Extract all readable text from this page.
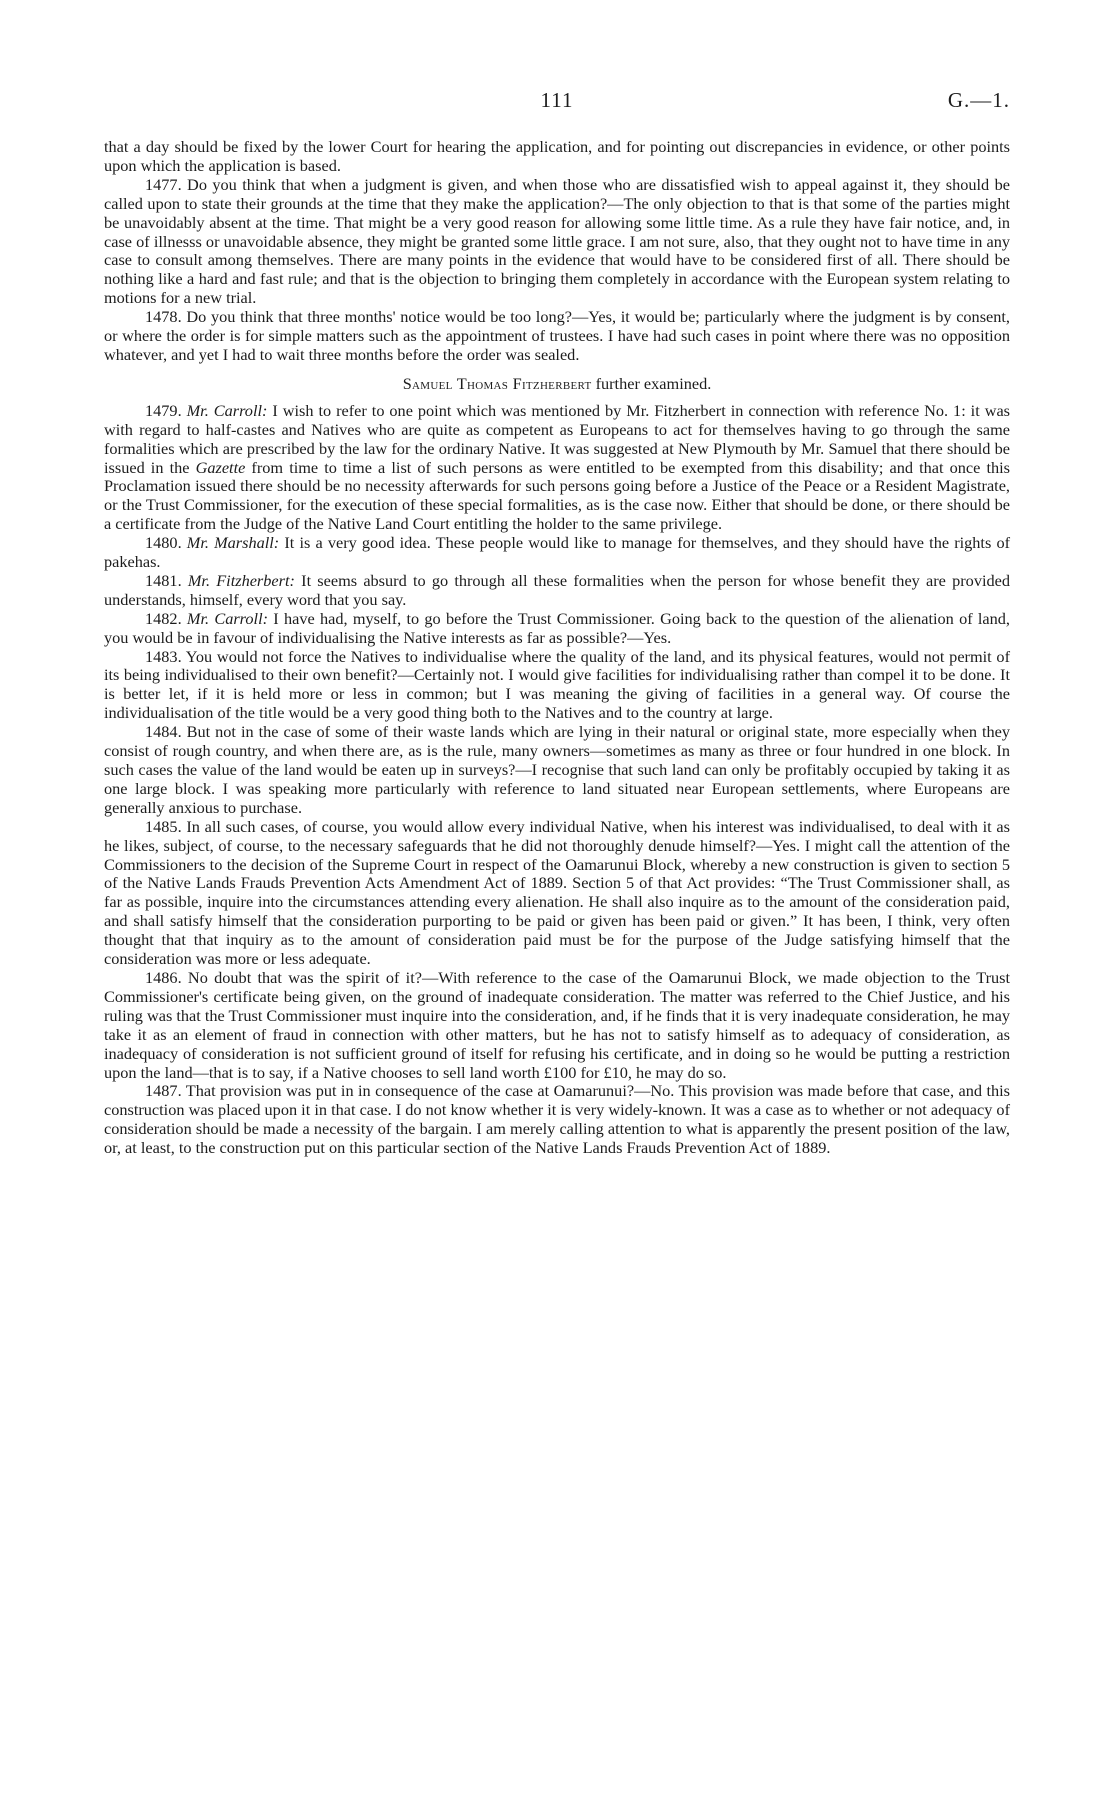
111	G.—1.

that a day should be fixed by the lower Court for hearing the application, and for pointing out discrepancies in evidence, or other points upon which the application is based.

1477. Do you think that when a judgment is given, and when those who are dissatisfied wish to appeal against it, they should be called upon to state their grounds at the time that they make the application?—The only objection to that is that some of the parties might be unavoidably absent at the time. That might be a very good reason for allowing some little time. As a rule they have fair notice, and, in case of illnesss or unavoidable absence, they might be granted some little grace. I am not sure, also, that they ought not to have time in any case to consult among themselves. There are many points in the evidence that would have to be considered first of all. There should be nothing like a hard and fast rule; and that is the objection to bringing them completely in accordance with the European system relating to motions for a new trial.

1478. Do you think that three months' notice would be too long?—Yes, it would be; particularly where the judgment is by consent, or where the order is for simple matters such as the appointment of trustees. I have had such cases in point where there was no opposition whatever, and yet I had to wait three months before the order was sealed.

Samuel Thomas Fitzherbert further examined.

1479. Mr. Carroll: I wish to refer to one point which was mentioned by Mr. Fitzherbert in connection with reference No. 1: it was with regard to half-castes and Natives who are quite as competent as Europeans to act for themselves having to go through the same formalities which are prescribed by the law for the ordinary Native. It was suggested at New Plymouth by Mr. Samuel that there should be issued in the Gazette from time to time a list of such persons as were entitled to be exempted from this disability; and that once this Proclamation issued there should be no necessity afterwards for such persons going before a Justice of the Peace or a Resident Magistrate, or the Trust Commissioner, for the execution of these special formalities, as is the case now. Either that should be done, or there should be a certificate from the Judge of the Native Land Court entitling the holder to the same privilege.

1480. Mr. Marshall: It is a very good idea. These people would like to manage for themselves, and they should have the rights of pakehas.

1481. Mr. Fitzherbert: It seems absurd to go through all these formalities when the person for whose benefit they are provided understands, himself, every word that you say.

1482. Mr. Carroll: I have had, myself, to go before the Trust Commissioner. Going back to the question of the alienation of land, you would be in favour of individualising the Native interests as far as possible?—Yes.

1483. You would not force the Natives to individualise where the quality of the land, and its physical features, would not permit of its being individualised to their own benefit?—Certainly not. I would give facilities for individualising rather than compel it to be done. It is better let, if it is held more or less in common; but I was meaning the giving of facilities in a general way. Of course the individualisation of the title would be a very good thing both to the Natives and to the country at large.

1484. But not in the case of some of their waste lands which are lying in their natural or original state, more especially when they consist of rough country, and when there are, as is the rule, many owners—sometimes as many as three or four hundred in one block. In such cases the value of the land would be eaten up in surveys?—I recognise that such land can only be profitably occupied by taking it as one large block. I was speaking more particularly with reference to land situated near European settlements, where Europeans are generally anxious to purchase.

1485. In all such cases, of course, you would allow every individual Native, when his interest was individualised, to deal with it as he likes, subject, of course, to the necessary safeguards that he did not thoroughly denude himself?—Yes. I might call the attention of the Commissioners to the decision of the Supreme Court in respect of the Oamarunui Block, whereby a new construction is given to section 5 of the Native Lands Frauds Prevention Acts Amendment Act of 1889. Section 5 of that Act provides: “The Trust Commissioner shall, as far as possible, inquire into the circumstances attending every alienation. He shall also inquire as to the amount of the consideration paid, and shall satisfy himself that the consideration purporting to be paid or given has been paid or given.” It has been, I think, very often thought that that inquiry as to the amount of consideration paid must be for the purpose of the Judge satisfying himself that the consideration was more or less adequate.

1486. No doubt that was the spirit of it?—With reference to the case of the Oamarunui Block, we made objection to the Trust Commissioner's certificate being given, on the ground of inadequate consideration. The matter was referred to the Chief Justice, and his ruling was that the Trust Commissioner must inquire into the consideration, and, if he finds that it is very inadequate consideration, he may take it as an element of fraud in connection with other matters, but he has not to satisfy himself as to adequacy of consideration, as inadequacy of consideration is not sufficient ground of itself for refusing his certificate, and in doing so he would be putting a restriction upon the land—that is to say, if a Native chooses to sell land worth £100 for £10, he may do so.

1487. That provision was put in in consequence of the case at Oamarunui?—No. This provision was made before that case, and this construction was placed upon it in that case. I do not know whether it is very widely-known. It was a case as to whether or not adequacy of consideration should be made a necessity of the bargain. I am merely calling attention to what is apparently the present position of the law, or, at least, to the construction put on this particular section of the Native Lands Frauds Prevention Act of 1889.
